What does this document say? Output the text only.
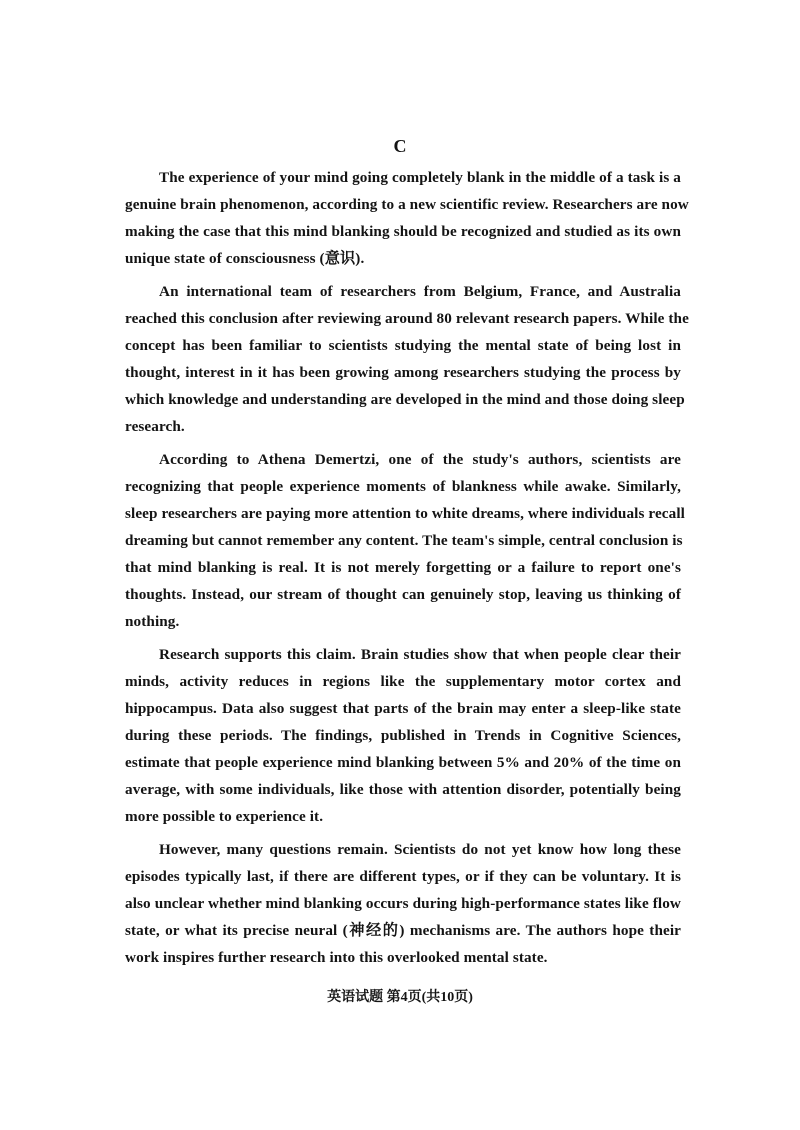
C
The experience of your mind going completely blank in the middle of a task is a
genuine brain phenomenon, according to a new scientific review. Researchers are now
making the case that this mind blanking should be recognized and studied as its own
unique state of consciousness (意识).
An international team of researchers from Belgium, France, and Australia
reached this conclusion after reviewing around 80 relevant research papers. While the
concept has been familiar to scientists studying the mental state of being lost in
thought, interest in it has been growing among researchers studying the process by
which knowledge and understanding are developed in the mind and those doing sleep
research.
According to Athena Demertzi, one of the study's authors, scientists are
recognizing that people experience moments of blankness while awake. Similarly,
sleep researchers are paying more attention to white dreams, where individuals recall
dreaming but cannot remember any content. The team's simple, central conclusion is
that mind blanking is real. It is not merely forgetting or a failure to report one's
thoughts. Instead, our stream of thought can genuinely stop, leaving us thinking of
nothing.
Research supports this claim. Brain studies show that when people clear their
minds, activity reduces in regions like the supplementary motor cortex and
hippocampus. Data also suggest that parts of the brain may enter a sleep-like state
during these periods. The findings, published in Trends in Cognitive Sciences,
estimate that people experience mind blanking between 5% and 20% of the time on
average, with some individuals, like those with attention disorder, potentially being
more possible to experience it.
However, many questions remain. Scientists do not yet know how long these
episodes typically last, if there are different types, or if they can be voluntary. It is
also unclear whether mind blanking occurs during high-performance states like flow
state, or what its precise neural (神经的) mechanisms are. The authors hope their
work inspires further research into this overlooked mental state.
英语试题 第4页(共10页)
